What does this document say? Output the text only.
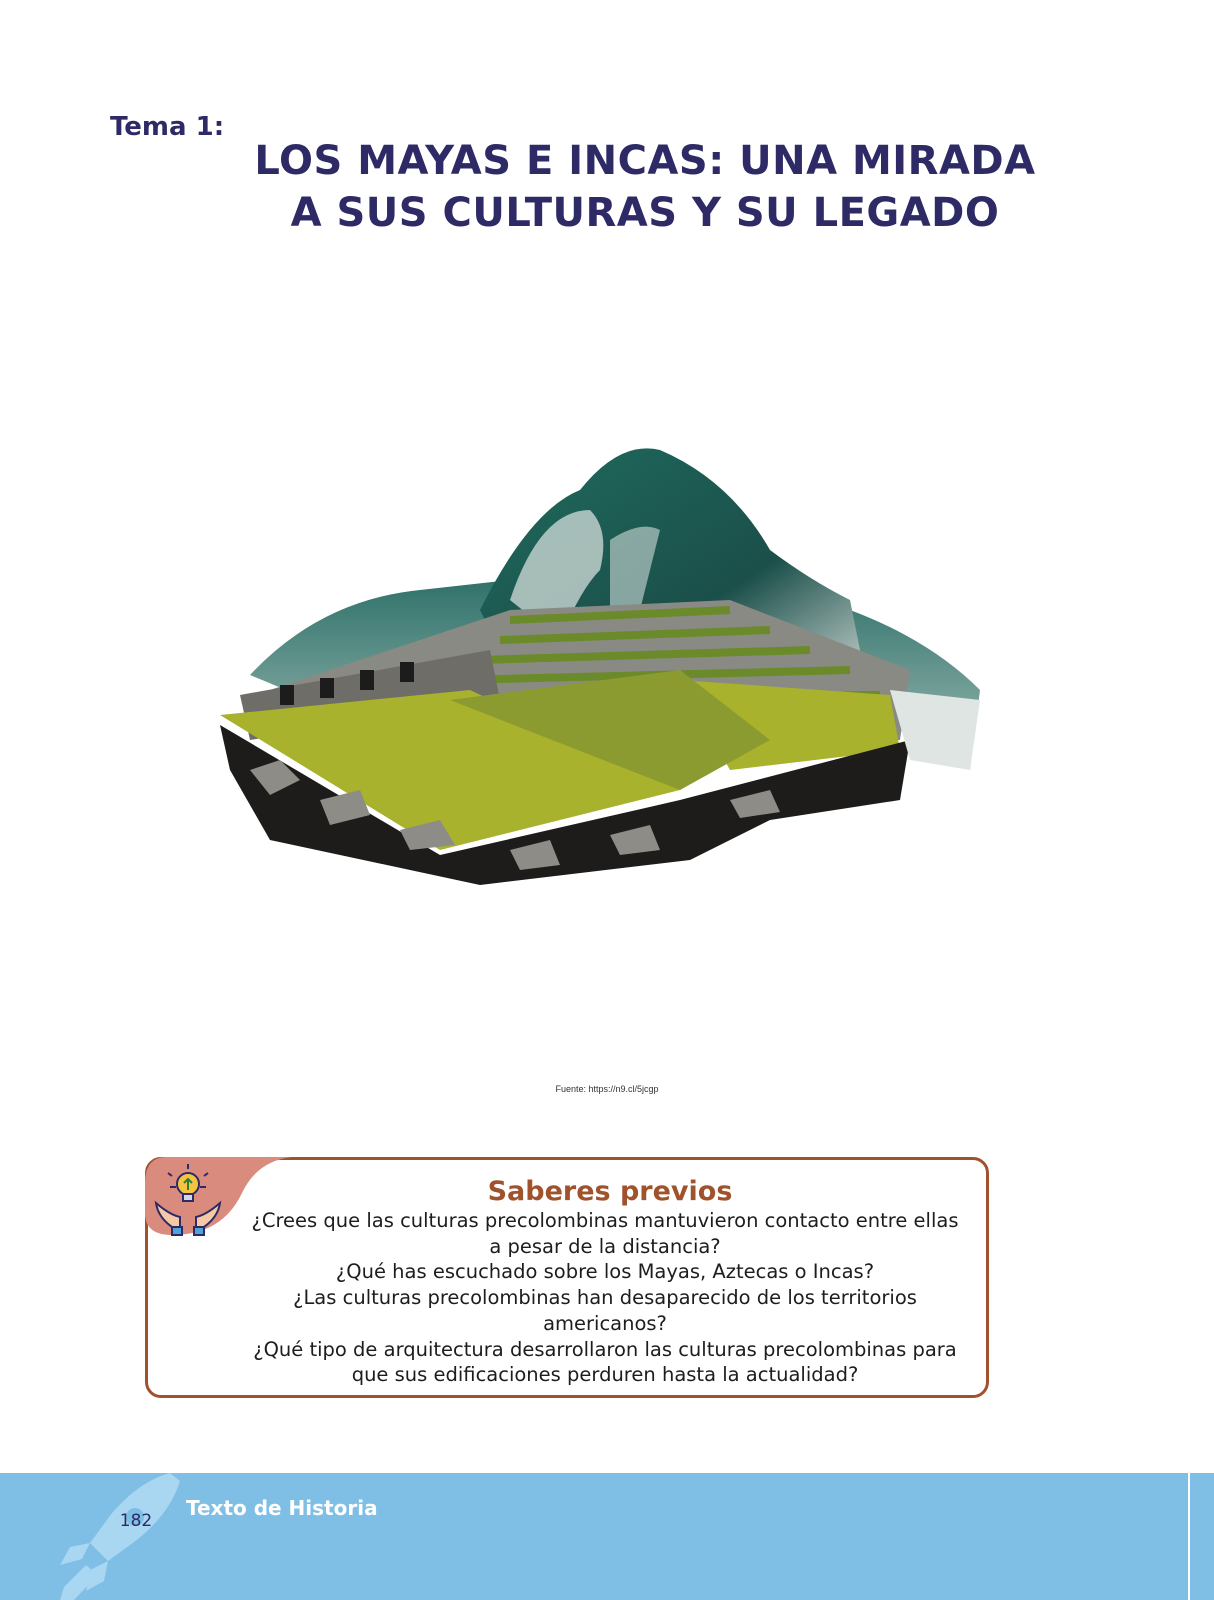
Tema 1:
LOS MAYAS E INCAS: UNA MIRADA
A SUS CULTURAS Y SU LEGADO
Fuente: https://n9.cl/5jcgp
Saberes previos
¿Crees que las culturas precolombinas mantuvieron contacto entre ellas
a pesar de la distancia?
¿Qué has escuchado sobre los Mayas, Aztecas o Incas?
¿Las culturas precolombinas han desaparecido de los territorios
americanos?
¿Qué tipo de arquitectura desarrollaron las culturas precolombinas para
que sus edificaciones perduren hasta la actualidad?
182
Texto de Historia
